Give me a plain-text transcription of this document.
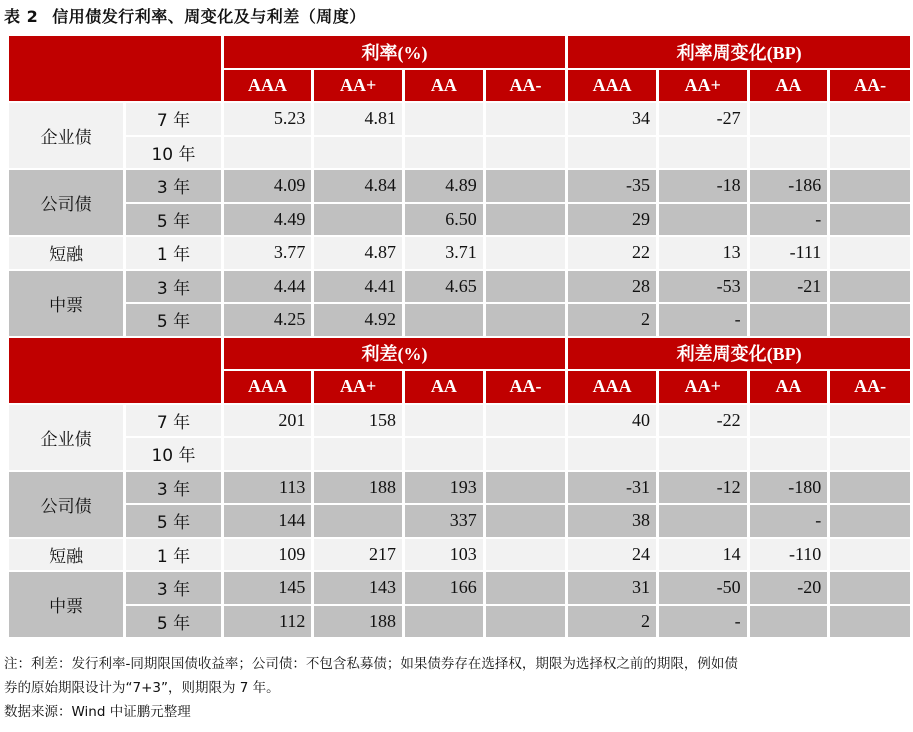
表 2 信用债发行利率、周变化及与利差（周度）
		利率(%)				利率周变化(BP)			
		AAA	AA+	AA	AA-	AAA	AA+	AA	AA-
企业债	7 年	5.23	4.81			34	-27		
	10 年								
公司债	3 年	4.09	4.84	4.89		-35	-18	-186	
	5 年	4.49		6.50		29		-	
短融	1 年	3.77	4.87	3.71		22	13	-111	
中票	3 年	4.44	4.41	4.65		28	-53	-21	
	5 年	4.25	4.92			2	-		
		利差(%)				利差周变化(BP)			
		AAA	AA+	AA	AA-	AAA	AA+	AA	AA-
企业债	7 年	201	158			40	-22		
	10 年								
公司债	3 年	113	188	193		-31	-12	-180	
	5 年	144		337		38		-	
短融	1 年	109	217	103		24	14	-110	
中票	3 年	145	143	166		31	-50	-20	
	5 年	112	188			2	-		
注：利差：发行利率-同期限国债收益率；公司债：不包含私募债；如果债券存在选择权，期限为选择权之前的期限，例如债
券的原始期限设计为“7+3”，则期限为 7 年。
数据来源：Wind 中证鹏元整理
